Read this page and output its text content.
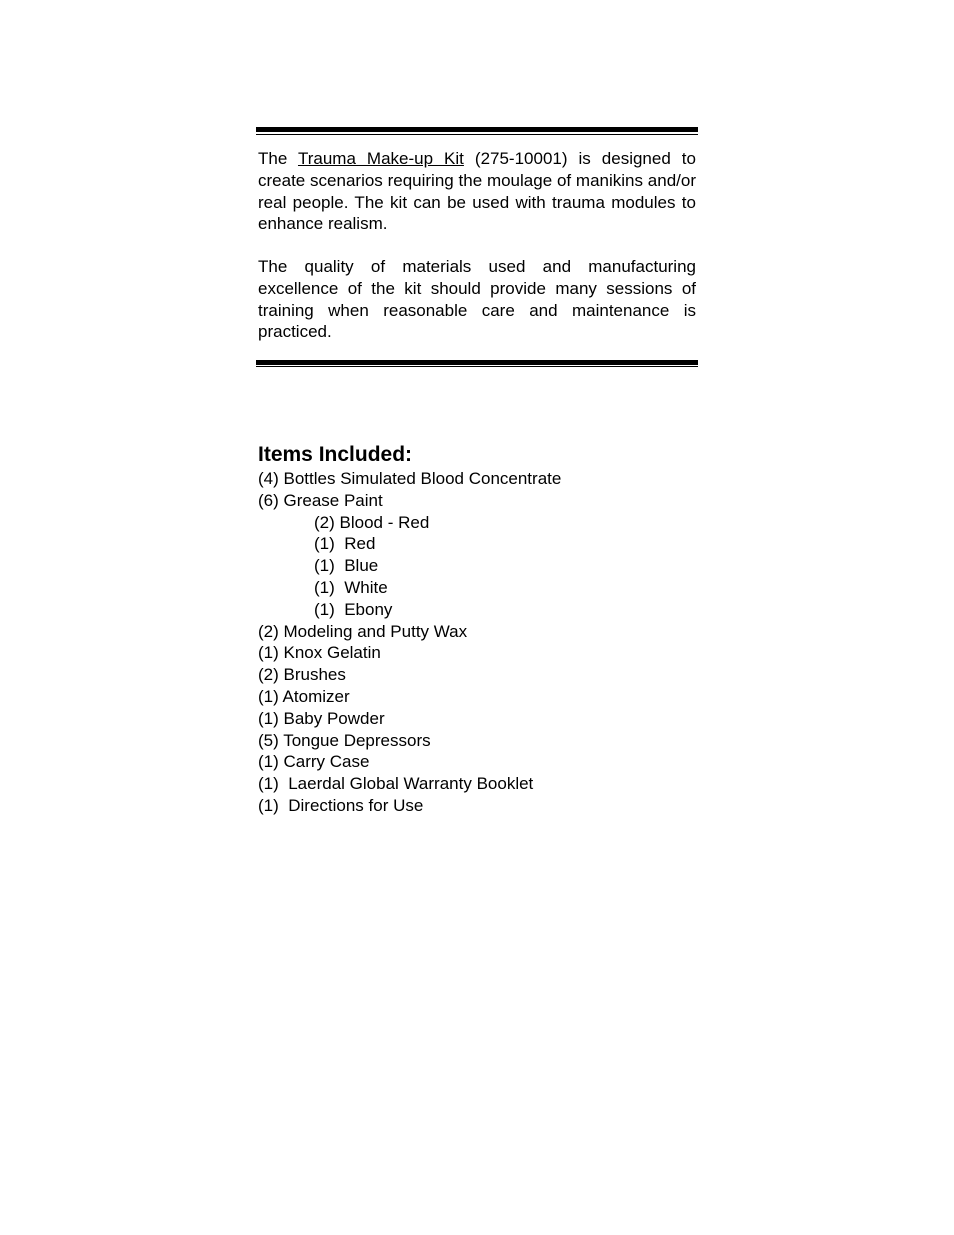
The Trauma Make-up Kit (275-10001) is designed to create scenarios requiring the moulage of manikins and/or real people. The kit can be used with trauma modules to enhance realism.

The quality of materials used and manufacturing excellence of the kit should provide many sessions of training when reasonable care and maintenance is practiced.

Items Included:
(4) Bottles Simulated Blood Concentrate
(6) Grease Paint
(2) Blood - Red
(1)  Red
(1)  Blue
(1)  White
(1)  Ebony
(2) Modeling and Putty Wax
(1) Knox Gelatin
(2) Brushes
(1) Atomizer
(1) Baby Powder
(5) Tongue Depressors
(1) Carry Case
(1)  Laerdal Global Warranty Booklet
(1)  Directions for Use
